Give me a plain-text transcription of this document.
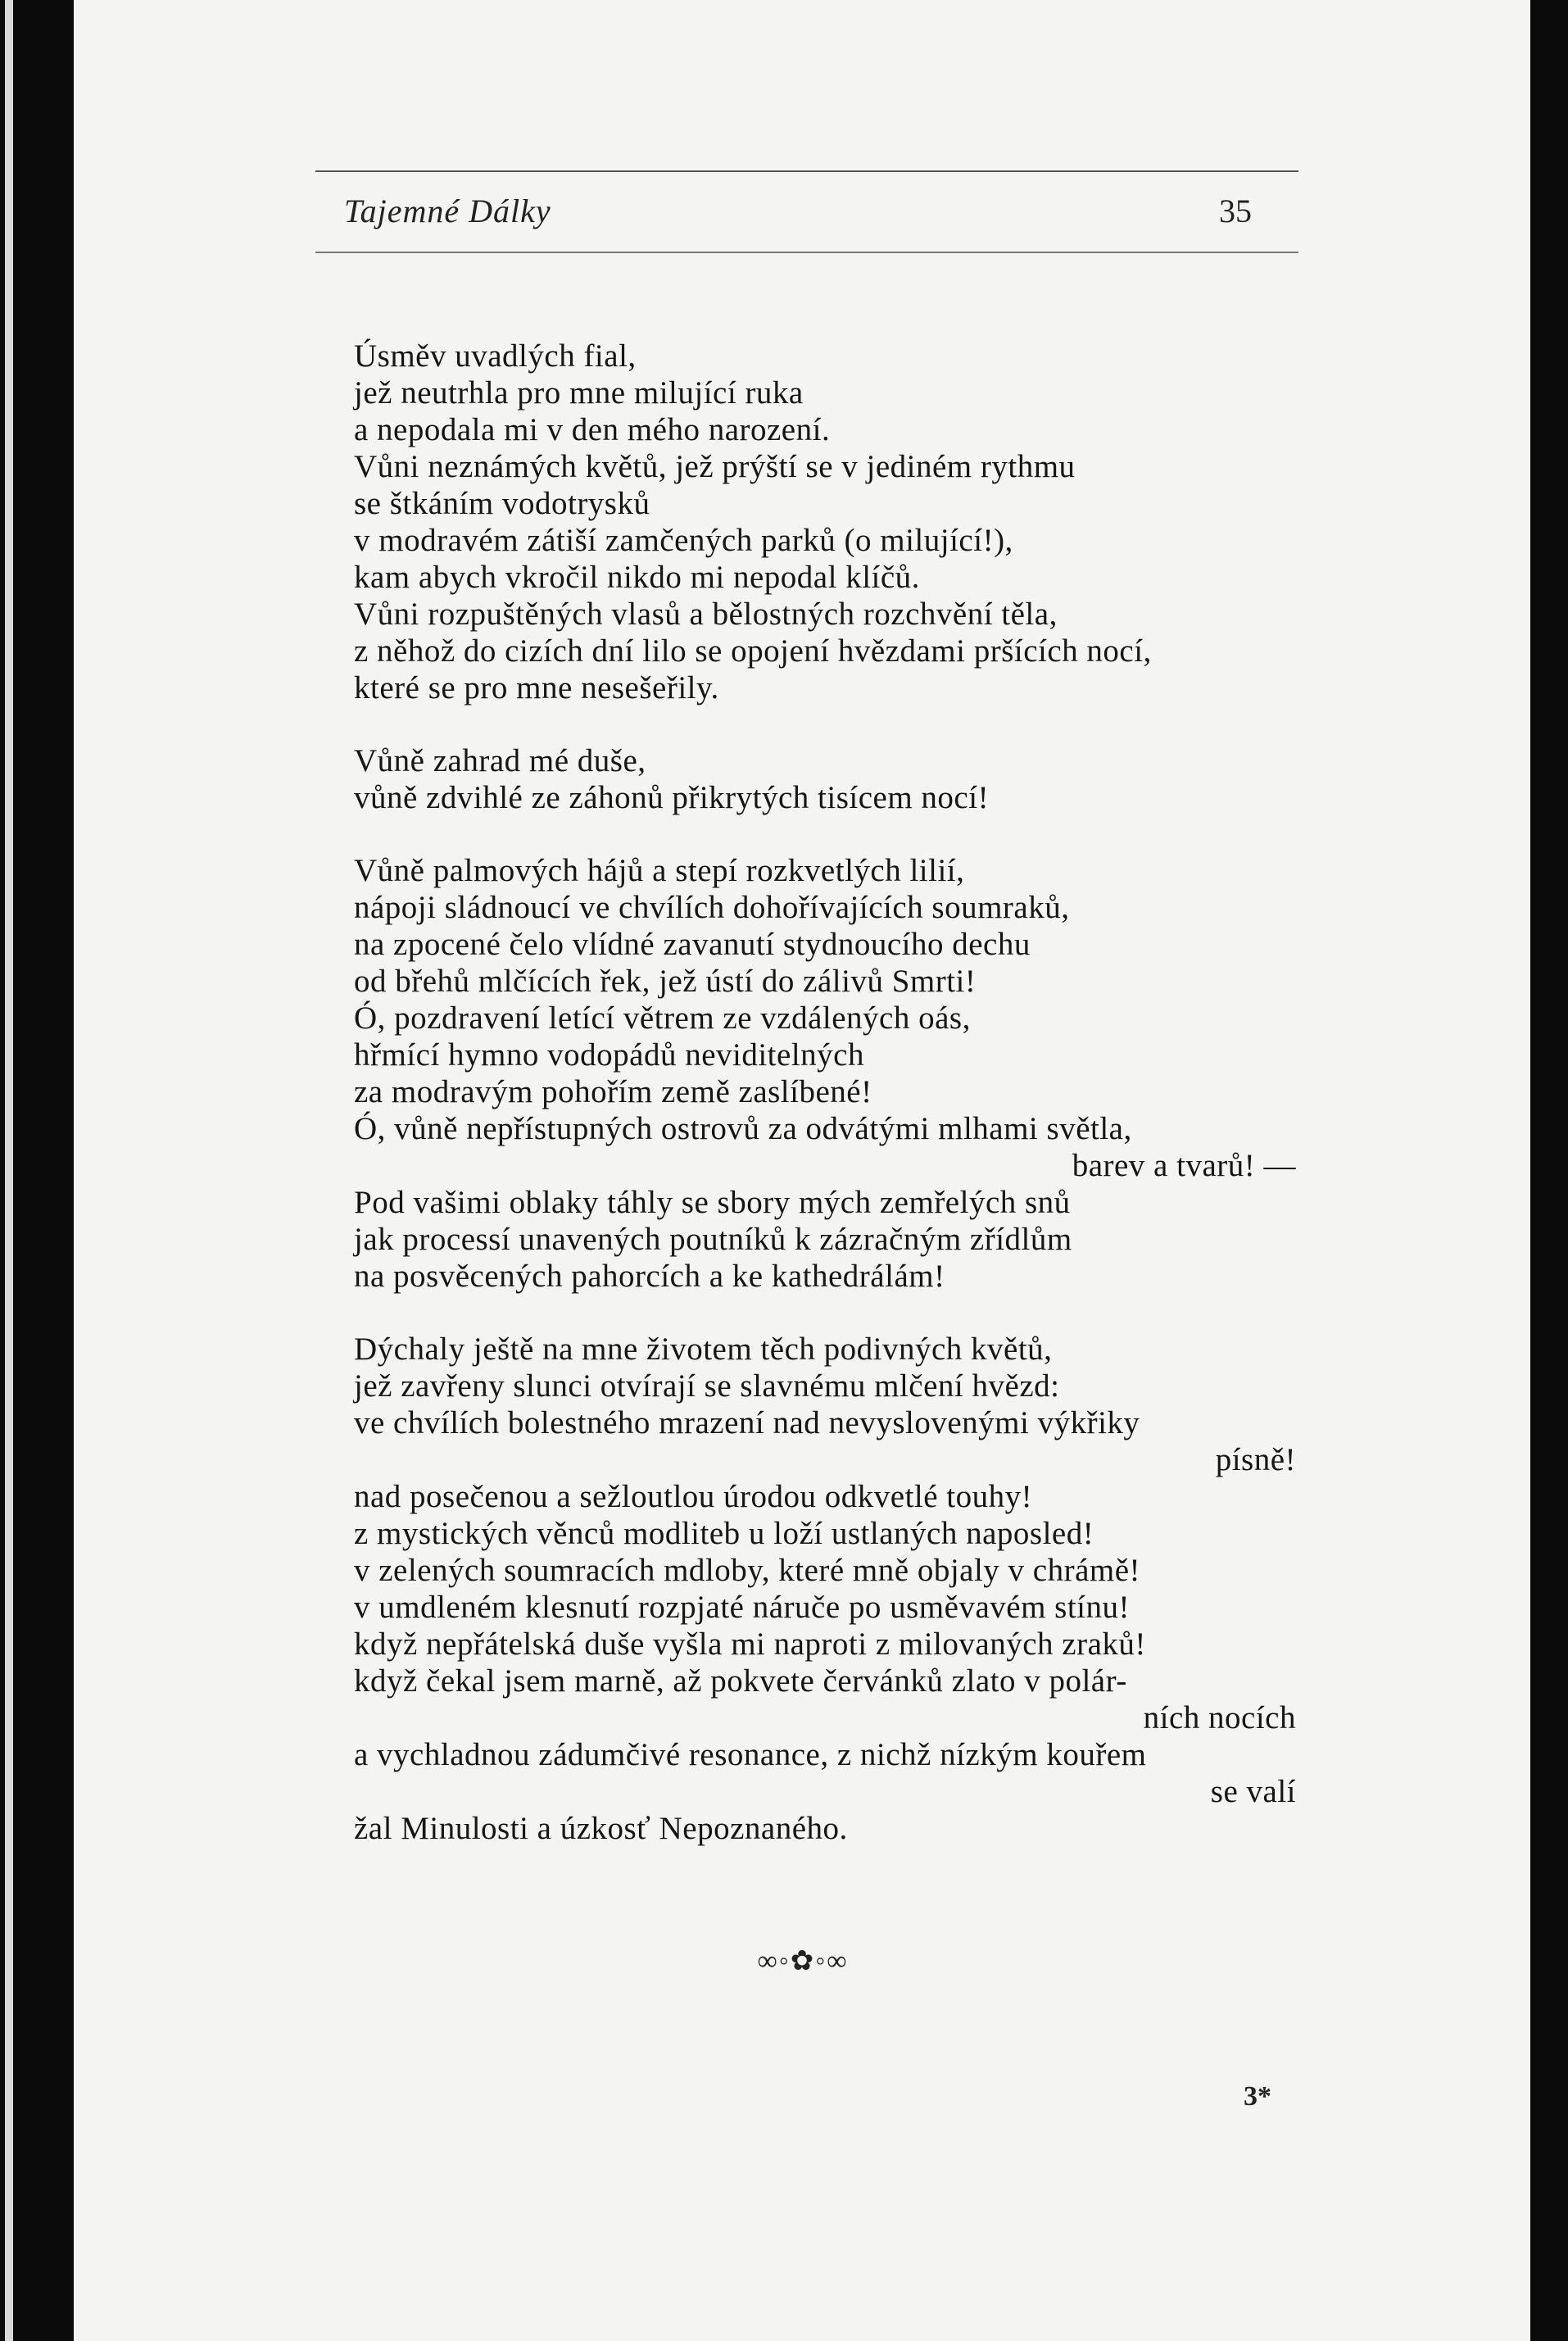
Tajemné Dálky	35
Úsměv uvadlých fial,
jež neutrhla pro mne milující ruka
a nepodala mi v den mého narození.
Vůni neznámých květů, jež prýští se v jediném rythmu
se štkáním vodotrysků
v modravém zátiší zamčených parků (o milující!),
kam abych vkročil nikdo mi nepodal klíčů.
Vůni rozpuštěných vlasů a bělostných rozchvění těla,
z něhož do cizích dní lilo se opojení hvězdami pršících nocí,
které se pro mne nesešeřily.
Vůně zahrad mé duše,
vůně zdvihlé ze záhonů přikrytých tisícem nocí!
Vůně palmových hájů a stepí rozkvetlých lilií,
nápoji sládnoucí ve chvílích dohořívajících soumraků,
na zpocené čelo vlídné zavanutí stydnoucího dechu
od břehů mlčících řek, jež ústí do zálivů Smrti!
Ó, pozdravení letící větrem ze vzdálených oás,
hřmící hymno vodopádů neviditelných
za modravým pohořím země zaslíbené!
Ó, vůně nepřístupných ostrovů za odvátými mlhami světla,
barev a tvarů! —
Pod vašimi oblaky táhly se sbory mých zemřelých snů
jak processí unavených poutníků k zázračným zřídlům
na posvěcených pahorcích a ke kathedrálám!
Dýchaly ještě na mne životem těch podivných květů,
jež zavřeny slunci otvírají se slavnému mlčení hvězd:
ve chvílích bolestného mrazení nad nevyslovenými výkřiky
písně!
nad posečenou a sežloutlou úrodou odkvetlé touhy!
z mystických věnců modliteb u loží ustlaných naposled!
v zelených soumracích mdloby, které mně objaly v chrámě!
v umdleném klesnutí rozpjaté náruče po usměvavém stínu!
když nepřátelská duše vyšla mi naproti z milovaných zraků!
když čekal jsem marně, až pokvete červánků zlato v polár-
ních nocích
a vychladnou zádumčivé resonance, z nichž nízkým kouřem
se valí
žal Minulosti a úzkosť Nepoznaného.
∞◦✿◦∞
3*
